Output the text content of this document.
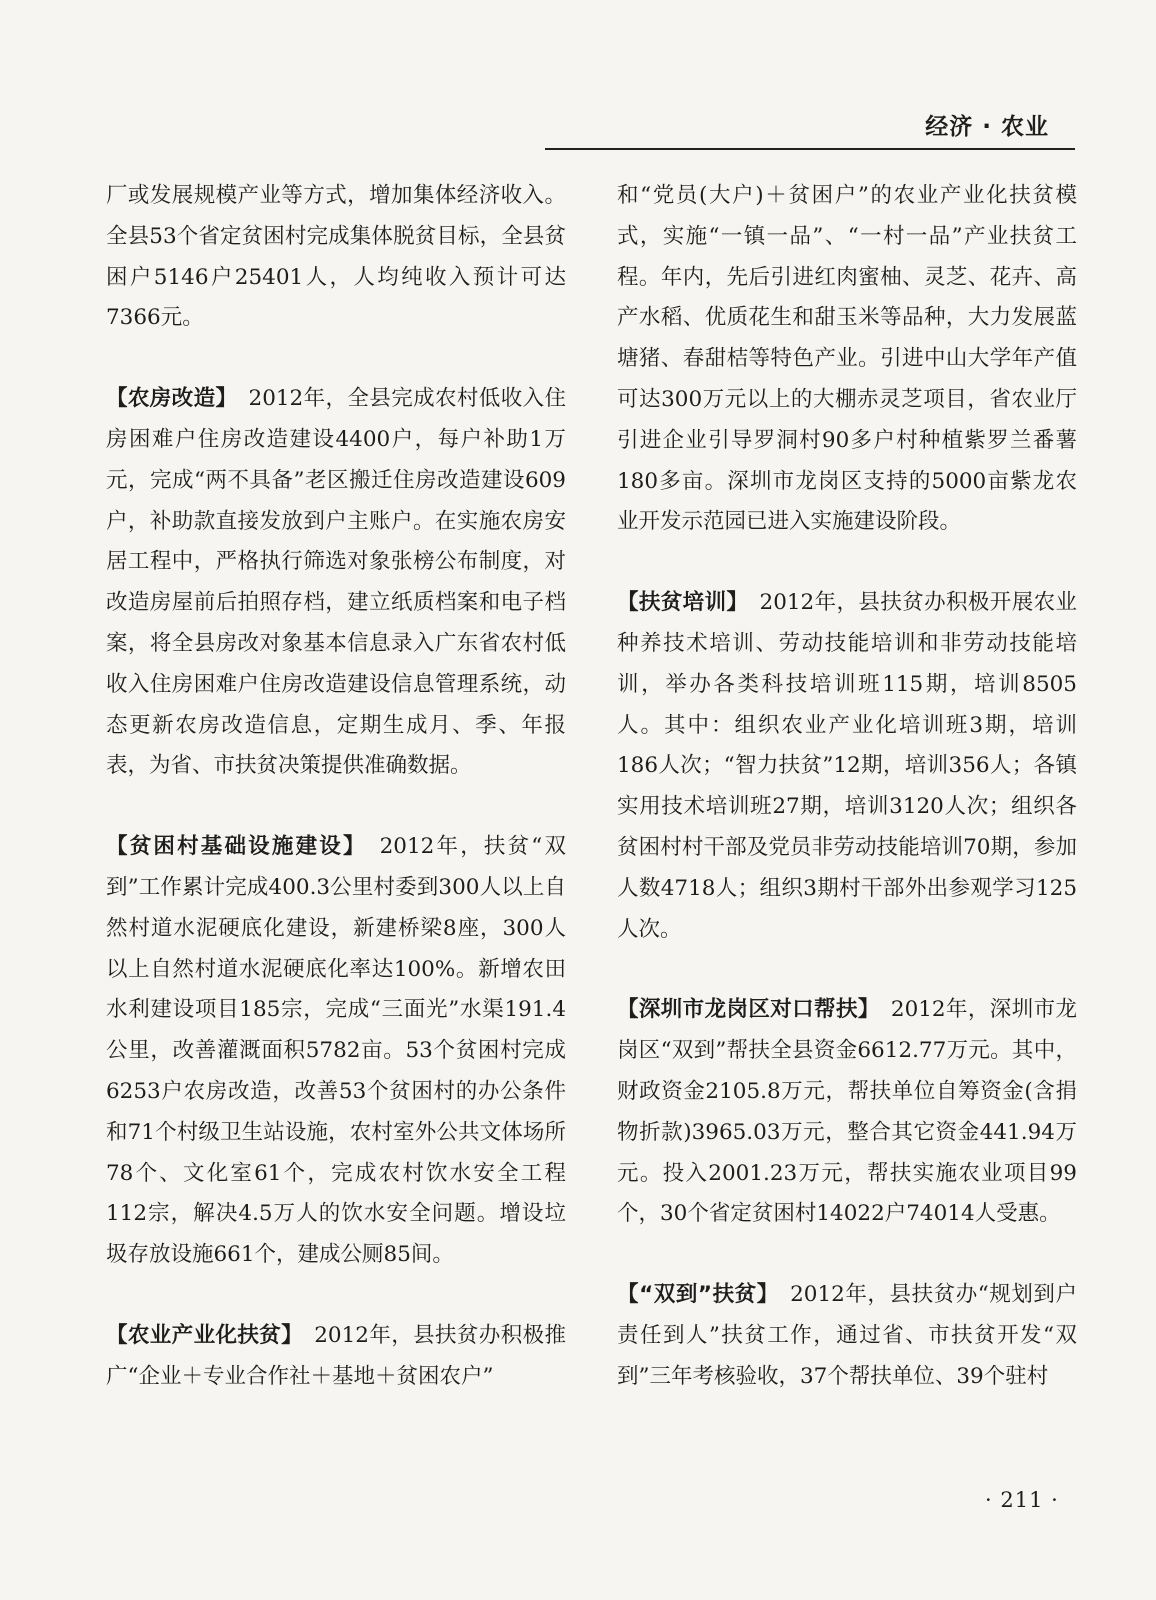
经济 · 农业

厂或发展规模产业等方式，增加集体经济收入。全县53个省定贫困村完成集体脱贫目标，全县贫困户5146户25401人，人均纯收入预计可达7366元。

【农房改造】　2012年，全县完成农村低收入住房困难户住房改造建设4400户，每户补助1万元，完成“两不具备”老区搬迁住房改造建设609户，补助款直接发放到户主账户。在实施农房安居工程中，严格执行筛选对象张榜公布制度，对改造房屋前后拍照存档，建立纸质档案和电子档案，将全县房改对象基本信息录入广东省农村低收入住房困难户住房改造建设信息管理系统，动态更新农房改造信息，定期生成月、季、年报表，为省、市扶贫决策提供准确数据。

【贫困村基础设施建设】　2012年，扶贫“双到”工作累计完成400.3公里村委到300人以上自然村道水泥硬底化建设，新建桥梁8座，300人以上自然村道水泥硬底化率达100%。新增农田水利建设项目185宗，完成“三面光”水渠191.4公里，改善灌溉面积5782亩。53个贫困村完成6253户农房改造，改善53个贫困村的办公条件和71个村级卫生站设施，农村室外公共文体场所78个、文化室61个，完成农村饮水安全工程112宗，解决4.5万人的饮水安全问题。增设垃圾存放设施661个，建成公厕85间。

【农业产业化扶贫】　2012年，县扶贫办积极推广“企业＋专业合作社＋基地＋贫困农户”

和“党员(大户)＋贫困户”的农业产业化扶贫模式，实施“一镇一品”、“一村一品”产业扶贫工程。年内，先后引进红肉蜜柚、灵芝、花卉、高产水稻、优质花生和甜玉米等品种，大力发展蓝塘猪、春甜桔等特色产业。引进中山大学年产值可达300万元以上的大棚赤灵芝项目，省农业厅引进企业引导罗洞村90多户村种植紫罗兰番薯180多亩。深圳市龙岗区支持的5000亩紫龙农业开发示范园已进入实施建设阶段。

【扶贫培训】　2012年，县扶贫办积极开展农业种养技术培训、劳动技能培训和非劳动技能培训，举办各类科技培训班115期，培训8505人。其中：组织农业产业化培训班3期，培训186人次；“智力扶贫”12期，培训356人；各镇实用技术培训班27期，培训3120人次；组织各贫困村村干部及党员非劳动技能培训70期，参加人数4718人；组织3期村干部外出参观学习125人次。

【深圳市龙岗区对口帮扶】　2012年，深圳市龙岗区“双到”帮扶全县资金6612.77万元。其中，财政资金2105.8万元，帮扶单位自筹资金(含捐物折款)3965.03万元，整合其它资金441.94万元。投入2001.23万元，帮扶实施农业项目99个，30个省定贫困村14022户74014人受惠。

【“双到”扶贫】　2012年，县扶贫办“规划到户责任到人”扶贫工作，通过省、市扶贫开发“双到”三年考核验收，37个帮扶单位、39个驻村

· 211 ·
